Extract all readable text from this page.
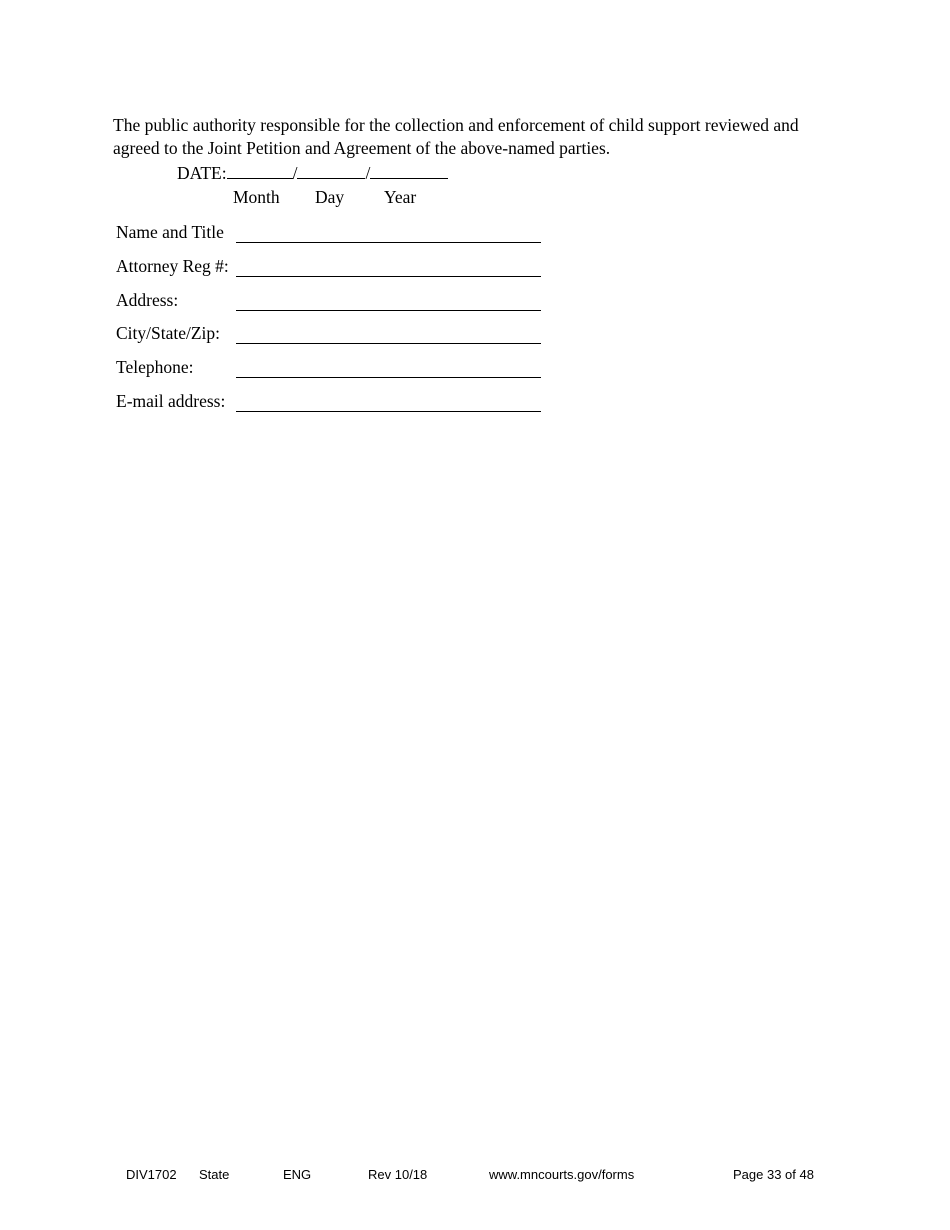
The public authority responsible for the collection and enforcement of child support reviewed and agreed to the Joint Petition and Agreement of the above-named parties.
DATE:	/	/
Month Day Year
Name and Title
Attorney Reg #:
Address:
City/State/Zip:
Telephone:
E-mail address:
DIV1702 State	ENG	Rev 10/18	www.mncourts.gov/forms	Page 33 of 48
